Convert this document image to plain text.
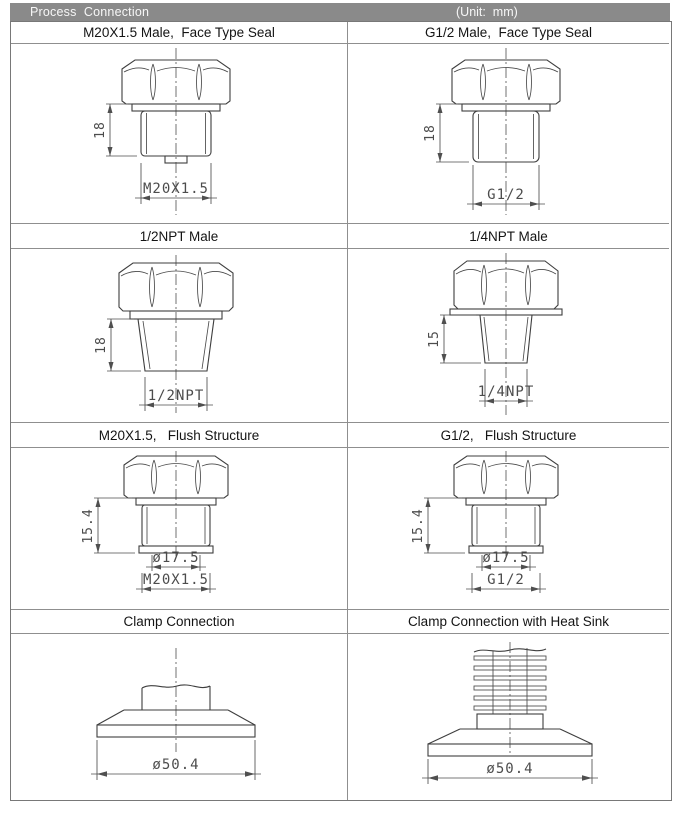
Process  Connection	(Unit:  mm)
M20X1.5 Male,  Face Type Seal	G1/2 Male,  Face Type Seal
18
M20X1.5
18
G1/2
1/2NPT Male	1/4NPT Male
18
1/2NPT
15
1/4NPT
M20X1.5,   Flush Structure	G1/2,   Flush Structure
15.4
ø17.5
M20X1.5
15.4
ø17.5
G1/2
Clamp Connection	Clamp Connection with Heat Sink
ø50.4	ø50.4
